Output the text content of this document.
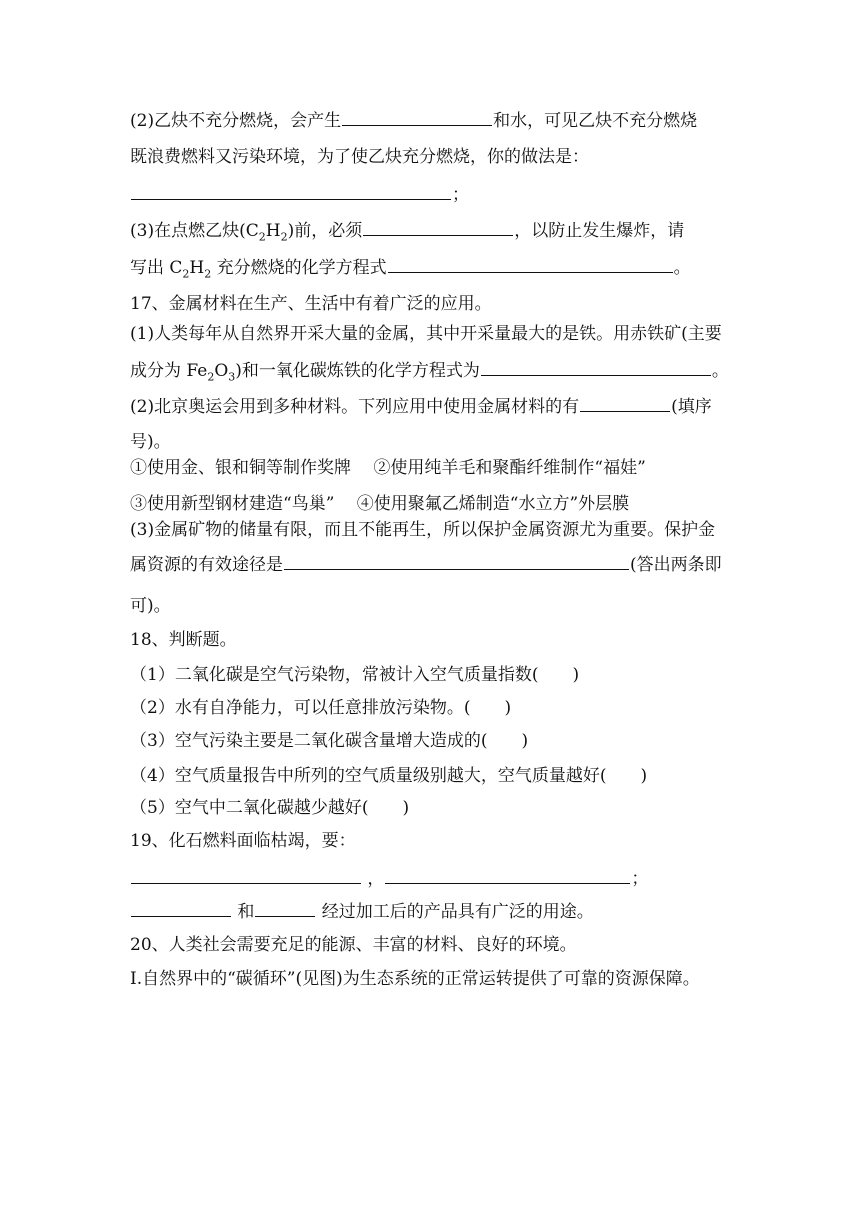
(2)乙炔不充分燃烧，会产生	和水，可见乙炔不充分燃烧
既浪费燃料又污染环境，为了使乙炔充分燃烧，你的做法是：
；
(3)在点燃乙炔$(C_2H_2)$前，必须	，以防止发生爆炸，请
写出 $C_2H_2$ 充分燃烧的化学方程式	。
17、金属材料在生产、生活中有着广泛的应用。
(1)人类每年从自然界开采大量的金属，其中开采量最大的是铁。用赤铁矿(主要
成分为 $Fe_2O_3$)和一氧化碳炼铁的化学方程式为	。
(2)北京奥运会用到多种材料。下列应用中使用金属材料的有	(填序
号)。
①使用金、银和铜等制作奖牌　 ②使用纯羊毛和聚酯纤维制作“福娃”
③使用新型钢材建造“鸟巢”　 ④使用聚氟乙烯制造“水立方”外层膜
(3)金属矿物的储量有限，而且不能再生，所以保护金属资源尤为重要。保护金
属资源的有效途径是	(答出两条即
可)。
18、判断题。
（1）二氧化碳是空气污染物，常被计入空气质量指数(　　)
（2）水有自净能力，可以任意排放污染物。(　　)
（3）空气污染主要是二氧化碳含量增大造成的(　　)
（4）空气质量报告中所列的空气质量级别越大，空气质量越好(　　)
（5）空气中二氧化碳越少越好(　　)
19、化石燃料面临枯竭，要：
，	；
和	经过加工后的产品具有广泛的用途。
20、人类社会需要充足的能源、丰富的材料、良好的环境。
Ⅰ.自然界中的“碳循环”(见图)为生态系统的正常运转提供了可靠的资源保障。
